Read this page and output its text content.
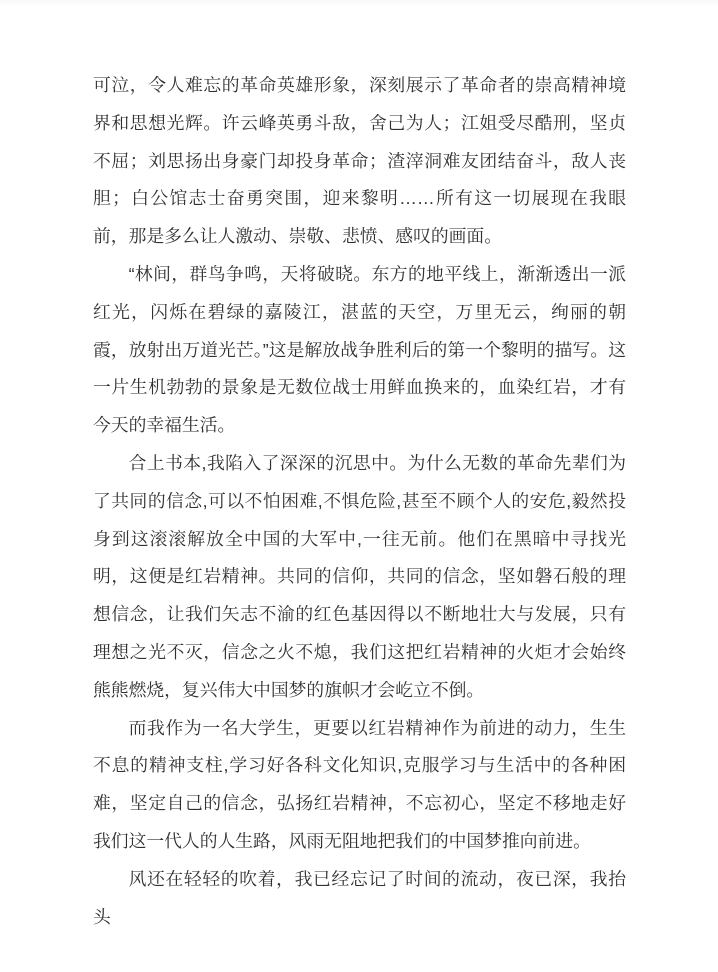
可泣，令人难忘的革命英雄形象，深刻展示了革命者的崇高精神境界和思想光辉。许云峰英勇斗敌，舍己为人；江姐受尽酷刑，坚贞不屈；刘思扬出身豪门却投身革命；渣滓洞难友团结奋斗，敌人丧胆；白公馆志士奋勇突围，迎来黎明……所有这一切展现在我眼前，那是多么让人激动、崇敬、悲愤、感叹的画面。

“林间，群鸟争鸣，天将破晓。东方的地平线上，渐渐透出一派红光，闪烁在碧绿的嘉陵江，湛蓝的天空，万里无云，绚丽的朝霞，放射出万道光芒。”这是解放战争胜利后的第一个黎明的描写。这一片生机勃勃的景象是无数位战士用鲜血换来的，血染红岩，才有今天的幸福生活。

合上书本,我陷入了深深的沉思中。为什么无数的革命先辈们为了共同的信念,可以不怕困难,不惧危险,甚至不顾个人的安危,毅然投身到这滚滚解放全中国的大军中,一往无前。他们在黑暗中寻找光明，这便是红岩精神。共同的信仰，共同的信念，坚如磐石般的理想信念，让我们矢志不渝的红色基因得以不断地壮大与发展，只有理想之光不灭，信念之火不熄，我们这把红岩精神的火炬才会始终熊熊燃烧，复兴伟大中国梦的旗帜才会屹立不倒。

而我作为一名大学生，更要以红岩精神作为前进的动力，生生不息的精神支柱,学习好各科文化知识,克服学习与生活中的各种困难，坚定自己的信念，弘扬红岩精神，不忘初心，坚定不移地走好我们这一代人的人生路，风雨无阻地把我们的中国梦推向前进。

风还在轻轻的吹着，我已经忘记了时间的流动，夜已深，我抬头
